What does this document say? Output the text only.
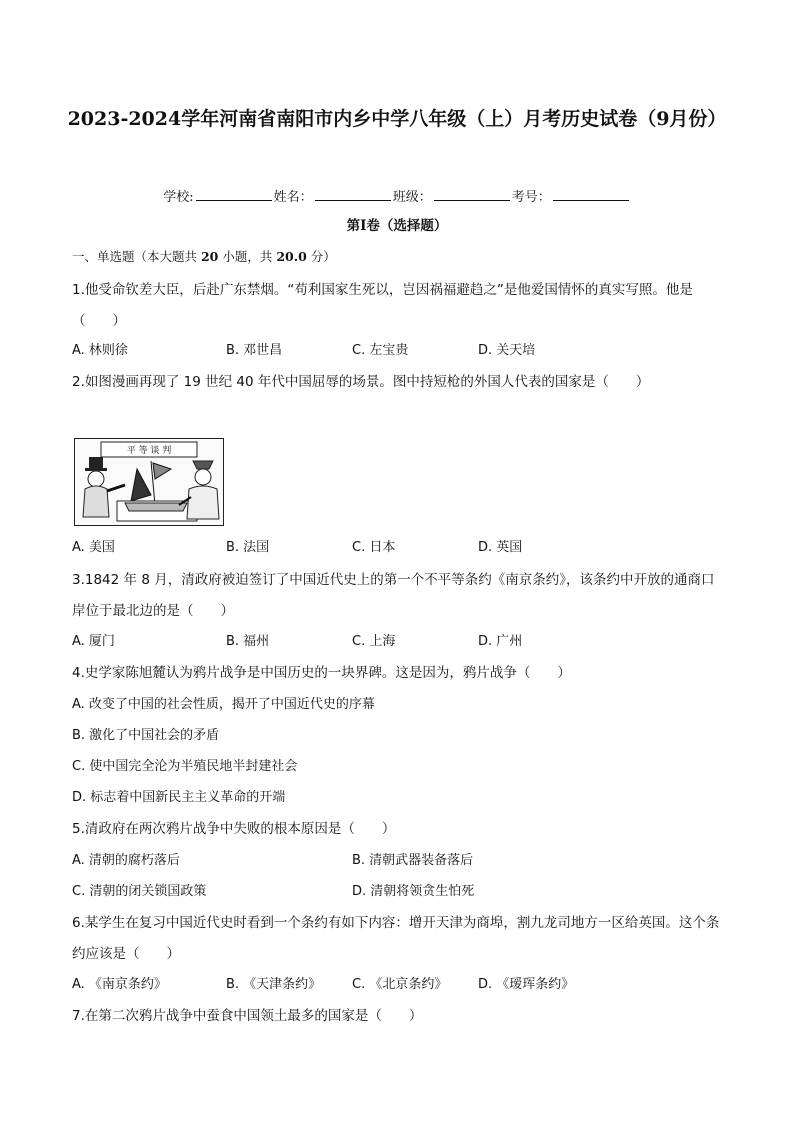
2023-2024学年河南省南阳市内乡中学八年级（上）月考历史试卷（9月份）
学校:	姓名：	班级：	考号：
第I卷（选择题）
一、单选题（本大题共 20 小题，共 20.0 分）
1.他受命钦差大臣，后赴广东禁烟。“苟利国家生死以，岂因祸福避趋之”是他爱国情怀的真实写照。他是（　　）
A. 林则徐	B. 邓世昌	C. 左宝贵	D. 关天培
2.如图漫画再现了 19 世纪 40 年代中国屈辱的场景。图中持短枪的外国人代表的国家是（　　）
平 等 谈 判
A. 美国	B. 法国	C. 日本	D. 英国
3.1842 年 8 月，清政府被迫签订了中国近代史上的第一个不平等条约《南京条约》，该条约中开放的通商口岸位于最北边的是（　　）
A. 厦门	B. 福州	C. 上海	D. 广州
4.史学家陈旭麓认为鸦片战争是中国历史的一块界碑。这是因为，鸦片战争（　　）
A. 改变了中国的社会性质，揭开了中国近代史的序幕
B. 激化了中国社会的矛盾
C. 使中国完全沦为半殖民地半封建社会
D. 标志着中国新民主主义革命的开端
5.清政府在两次鸦片战争中失败的根本原因是（　　）
A. 清朝的腐朽落后	B. 清朝武器装备落后
C. 清朝的闭关锁国政策	D. 清朝将领贪生怕死
6.某学生在复习中国近代史时看到一个条约有如下内容：增开天津为商埠，割九龙司地方一区给英国。这个条约应该是（　　）
A. 《南京条约》	B. 《天津条约》 C. 《北京条约》 D. 《瑷珲条约》
7.在第二次鸦片战争中蚕食中国领土最多的国家是（　　）
